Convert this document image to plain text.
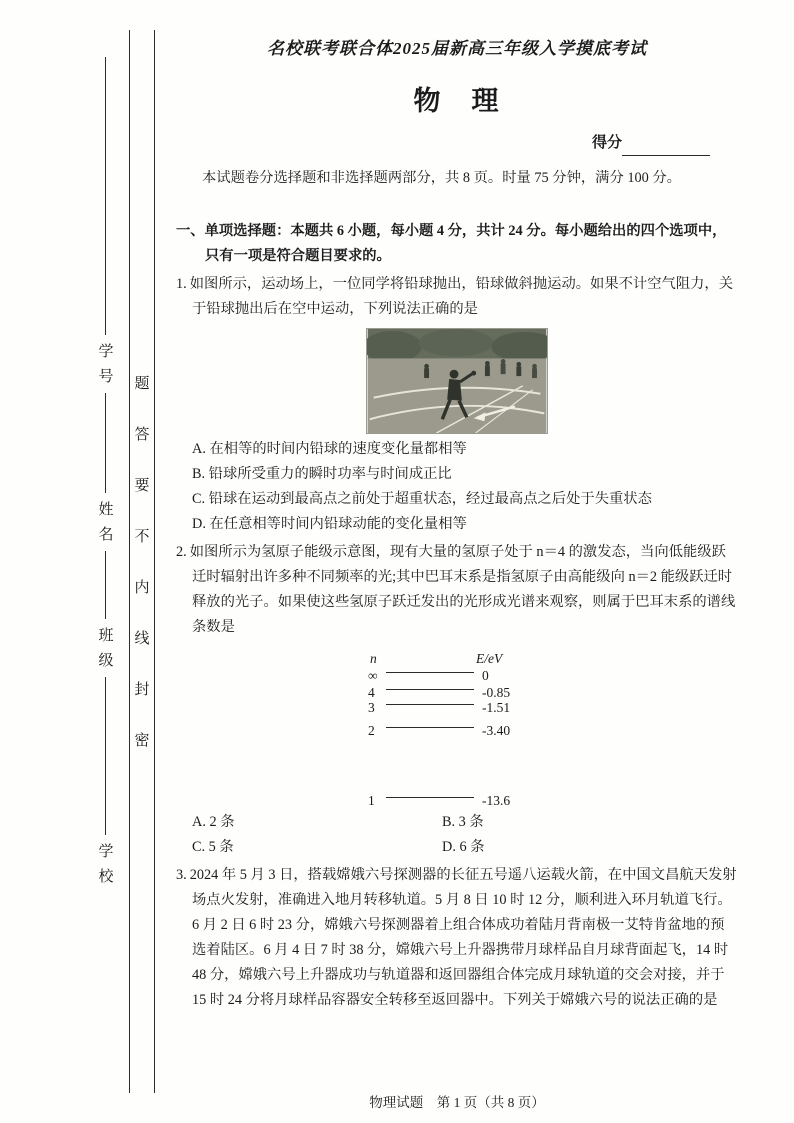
学号
姓名
班级
学校
题
答
要
不
内
线
封
密
名校联考联合体2025届新高三年级入学摸底考试
物　理
得分

本试题卷分选择题和非选择题两部分，共 8 页。时量 75 分钟，满分 100 分。

一、单项选择题：本题共 6 小题，每小题 4 分，共计 24 分。每小题给出的四个选项中，只有一项是符合题目要求的。

1. 如图所示，运动场上，一位同学将铅球抛出，铅球做斜抛运动。如果不计空气阻力，关于铅球抛出后在空中运动，下列说法正确的是

A. 在相等的时间内铅球的速度变化量都相等
B. 铅球所受重力的瞬时功率与时间成正比
C. 铅球在运动到最高点之前处于超重状态，经过最高点之后处于失重状态
D. 在任意相等时间内铅球动能的变化量相等

2. 如图所示为氢原子能级示意图，现有大量的氢原子处于 n＝4 的激发态，当向低能级跃迁时辐射出许多种不同频率的光;其中巴耳末系是指氢原子由高能级向 n＝2 能级跃迁时释放的光子。如果使这些氢原子跃迁发出的光形成光谱来观察，则属于巴耳末系的谱线条数是

n	E/eV
∞	0
4	-0.85
3	-1.51
2	-3.40
1	-13.6
A. 2 条	B. 3 条
C. 5 条	D. 6 条

3. 2024 年 5 月 3 日，搭载嫦娥六号探测器的长征五号遥八运载火箭，在中国文昌航天发射场点火发射，准确进入地月转移轨道。5 月 8 日 10 时 12 分，顺利进入环月轨道飞行。6 月 2 日 6 时 23 分，嫦娥六号探测器着上组合体成功着陆月背南极一艾特肯盆地的预选着陆区。6 月 4 日 7 时 38 分，嫦娥六号上升器携带月球样品自月球背面起飞，14 时 48 分，嫦娥六号上升器成功与轨道器和返回器组合体完成月球轨道的交会对接，并于 15 时 24 分将月球样品容器安全转移至返回器中。下列关于嫦娥六号的说法正确的是

物理试题　第 1 页（共 8 页）
